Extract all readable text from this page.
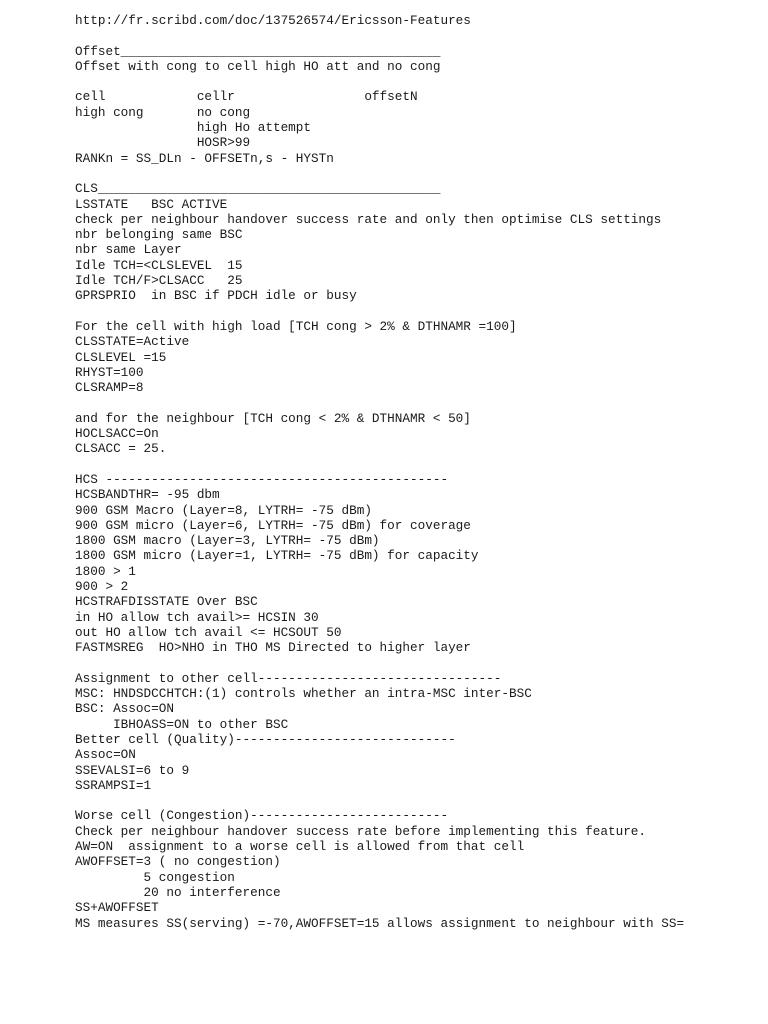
http://fr.scribd.com/doc/137526574/Ericsson-Features
Offset__________________________________________
Offset with cong to cell high HO att and no cong
cell            cellr                 offsetN
high cong       no cong
high Ho attempt
HOSR>99
RANKn = SS_DLn - OFFSETn,s - HYSTn
CLS_____________________________________________
LSSTATE   BSC ACTIVE
check per neighbour handover success rate and only then optimise CLS settings
nbr belonging same BSC
nbr same Layer
Idle TCH=<CLSLEVEL  15
Idle TCH/F>CLSACC   25
GPRSPRIO  in BSC if PDCH idle or busy
For the cell with high load [TCH cong > 2% & DTHNAMR =100]
CLSSTATE=Active
CLSLEVEL =15
RHYST=100
CLSRAMP=8
and for the neighbour [TCH cong < 2% & DTHNAMR < 50]
HOCLSACC=On
CLSACC = 25.
HCS ---------------------------------------------
HCSBANDTHR= -95 dbm
900 GSM Macro (Layer=8, LYTRH= -75 dBm)
900 GSM micro (Layer=6, LYTRH= -75 dBm) for coverage
1800 GSM macro (Layer=3, LYTRH= -75 dBm)
1800 GSM micro (Layer=1, LYTRH= -75 dBm) for capacity
1800 > 1
900 > 2
HCSTRAFDISSTATE Over BSC
in HO allow tch avail>= HCSIN 30
out HO allow tch avail <= HCSOUT 50
FASTMSREG  HO>NHO in THO MS Directed to higher layer
Assignment to other cell--------------------------------
MSC: HNDSDCCHTCH:(1) controls whether an intra-MSC inter-BSC
BSC: Assoc=ON
IBHOASS=ON to other BSC
Better cell (Quality)-----------------------------
Assoc=ON
SSEVALSI=6 to 9
SSRAMPSI=1
Worse cell (Congestion)--------------------------
Check per neighbour handover success rate before implementing this feature.
AW=ON  assignment to a worse cell is allowed from that cell
AWOFFSET=3 ( no congestion)
5 congestion
20 no interference
SS+AWOFFSET
MS measures SS(serving) =-70,AWOFFSET=15 allows assignment to neighbour with SS=
